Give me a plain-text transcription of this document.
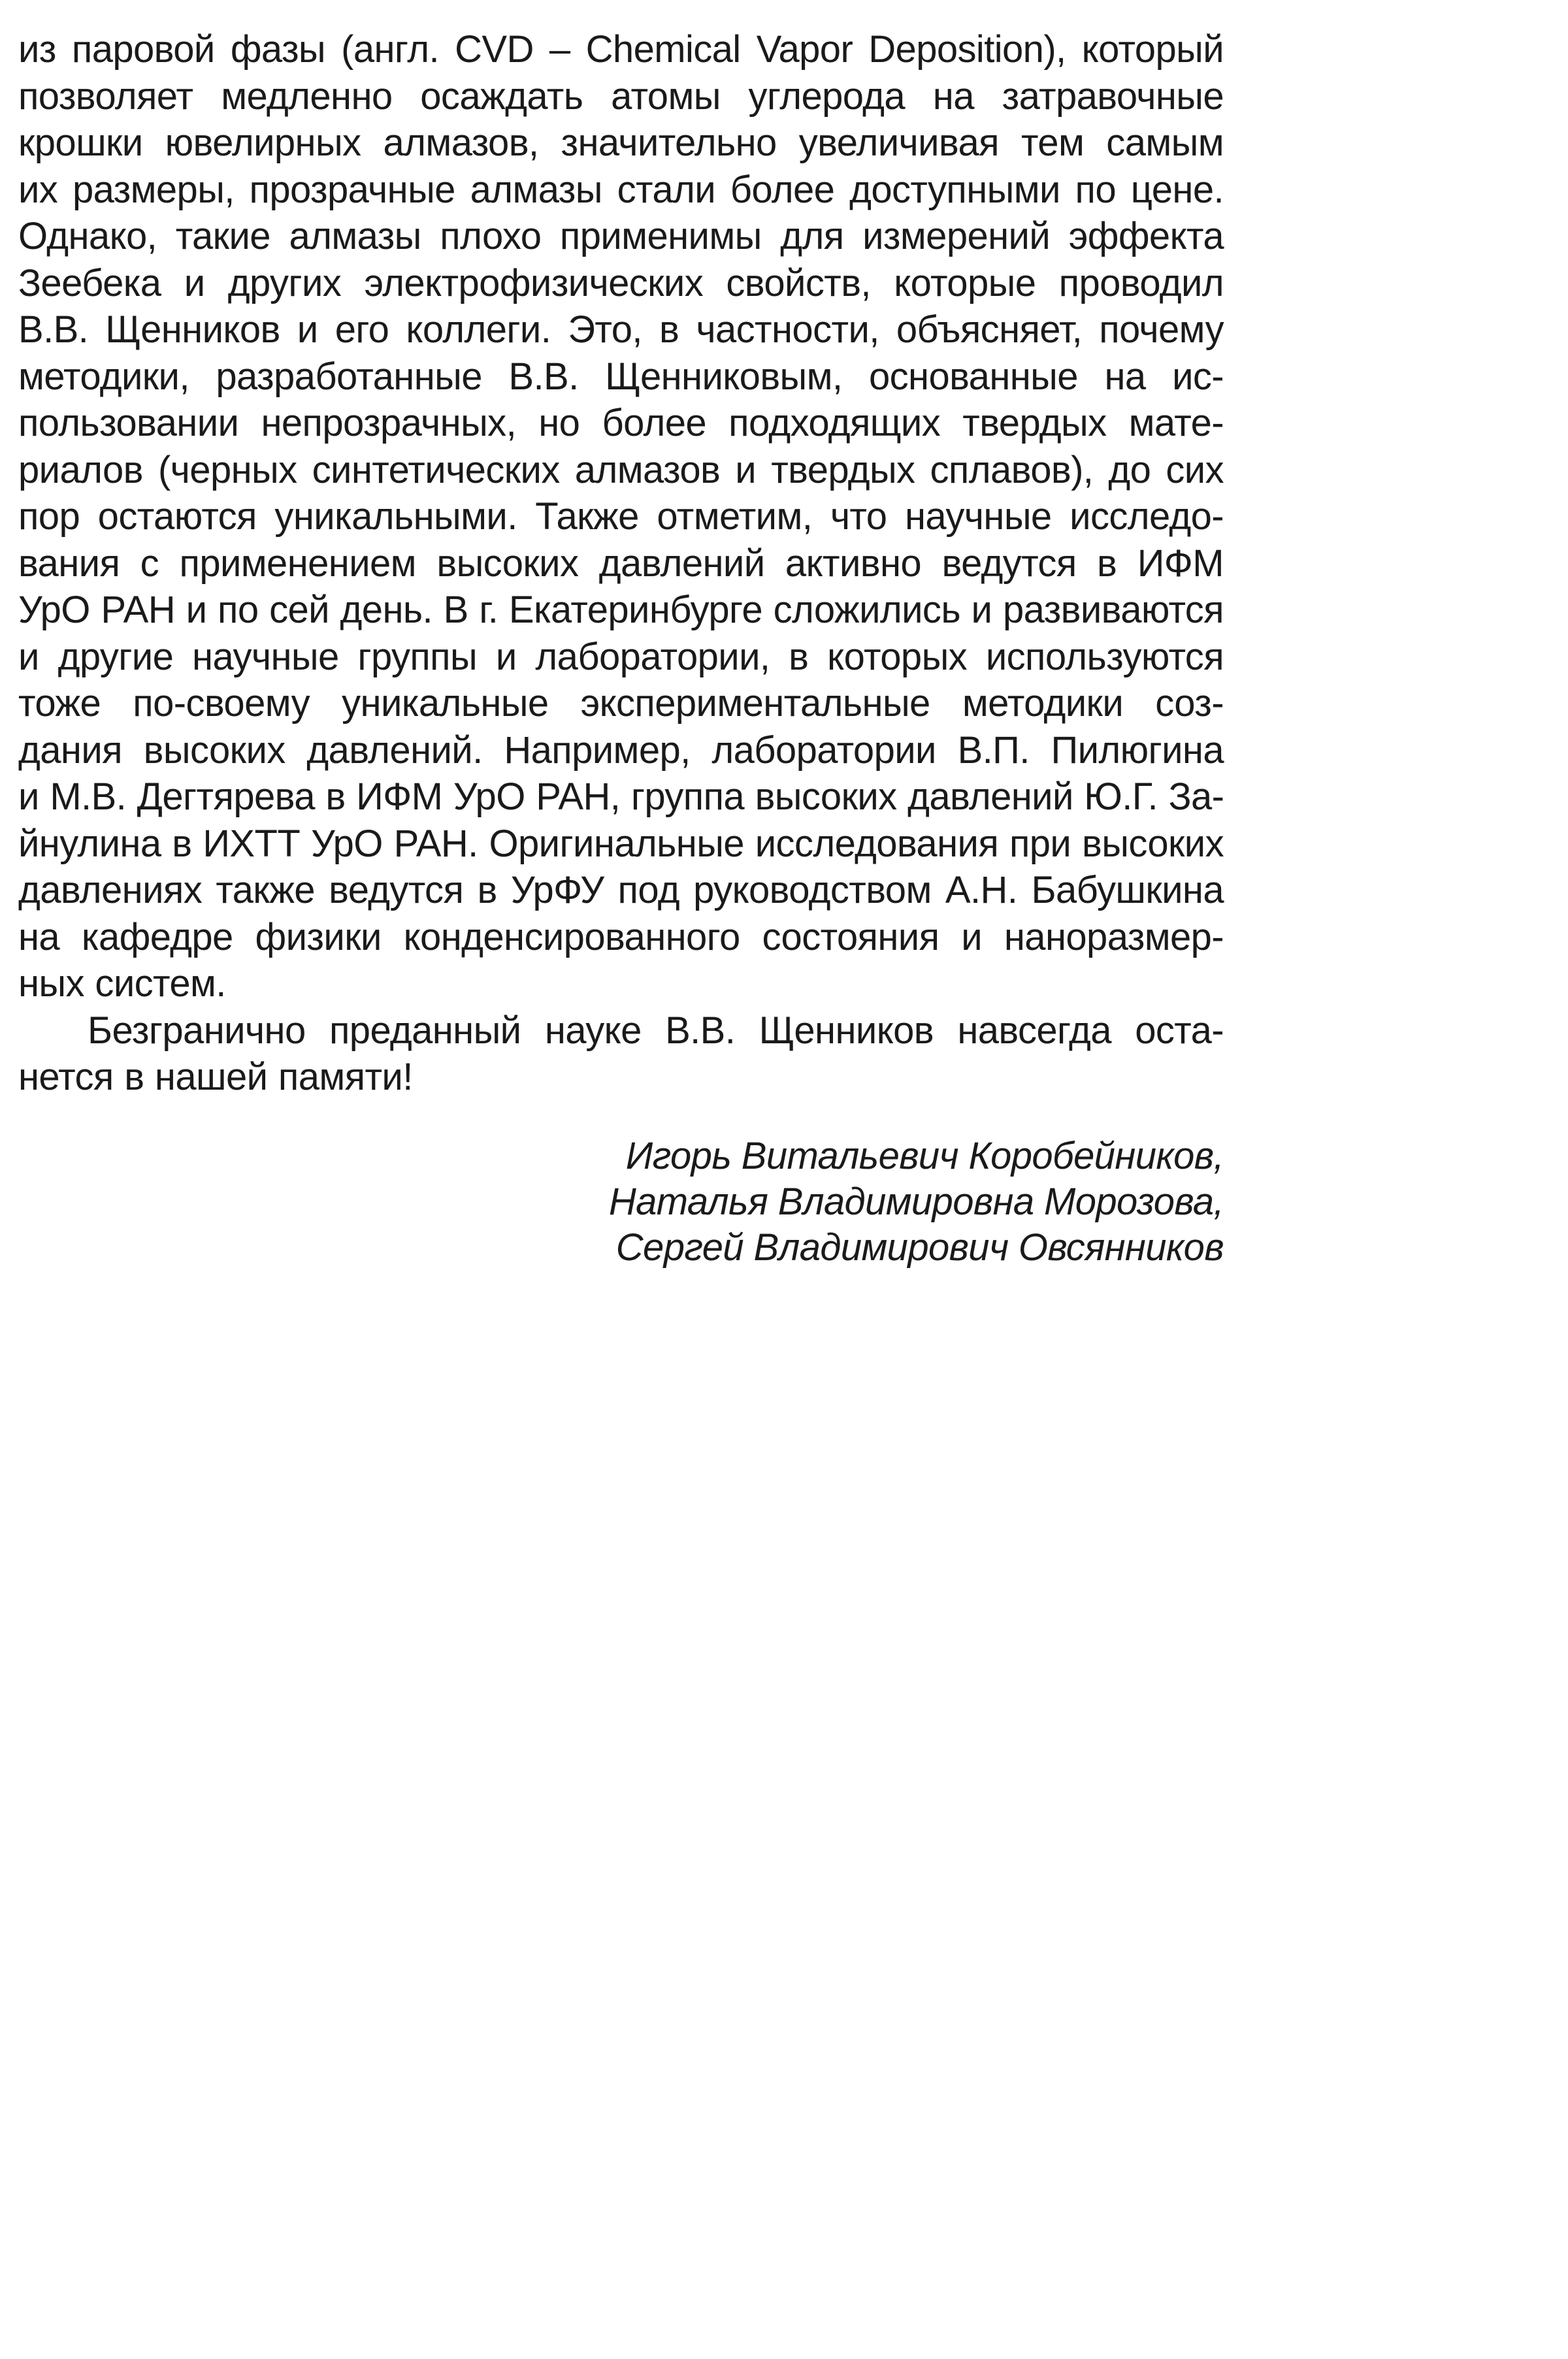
из паровой фазы (англ. CVD – Chemical Vapor Deposition), который
позволяет медленно осаждать атомы углерода на затравочные
крошки ювелирных алмазов, значительно увеличивая тем самым
их размеры, прозрачные алмазы стали более доступными по цене.
Однако, такие алмазы плохо применимы для измерений эффекта
Зеебека и других электрофизических свойств, которые проводил
В.В. Щенников и его коллеги. Это, в частности, объясняет, почему
методики, разработанные В.В. Щенниковым, основанные на ис-
пользовании непрозрачных, но более подходящих твердых мате-
риалов (черных синтетических алмазов и твердых сплавов), до сих
пор остаются уникальными. Также отметим, что научные исследо-
вания с применением высоких давлений активно ведутся в ИФМ
УрО РАН и по сей день. В г. Екатеринбурге сложились и развиваются
и другие научные группы и лаборатории, в которых используются
тоже по-своему уникальные экспериментальные методики соз-
дания высоких давлений. Например, лаборатории В.П. Пилюгина
и М.В. Дегтярева в ИФМ УрО РАН, группа высоких давлений Ю.Г. За-
йнулина в ИХТТ УрО РАН. Оригинальные исследования при высоких
давлениях также ведутся в УрФУ под руководством А.Н. Бабушкина
на кафедре физики конденсированного состояния и наноразмер-
ных систем.
Безгранично преданный науке В.В. Щенников навсегда оста-
нется в нашей памяти!
Игорь Витальевич Коробейников,
Наталья Владимировна Морозова,
Сергей Владимирович Овсянников
